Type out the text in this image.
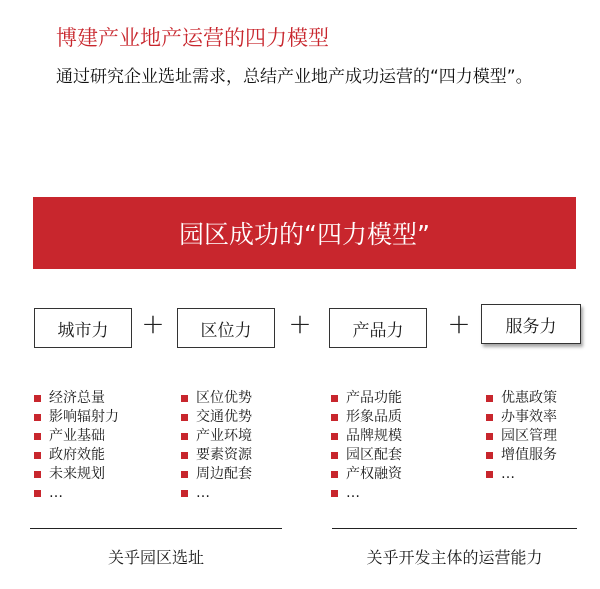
博建产业地产运营的四力模型
通过研究企业选址需求，总结产业地产成功运营的“四力模型”。
园区成功的“四力模型”
城市力	+	区位力	+	产品力	+	服务力
经济总量
影响辐射力
产业基础
政府效能
未来规划
…
区位优势
交通优势
产业环境
要素资源
周边配套
…
产品功能
形象品质
品牌规模
园区配套
产权融资
…
优惠政策
办事效率
园区管理
增值服务
…
关乎园区选址	关乎开发主体的运营能力
